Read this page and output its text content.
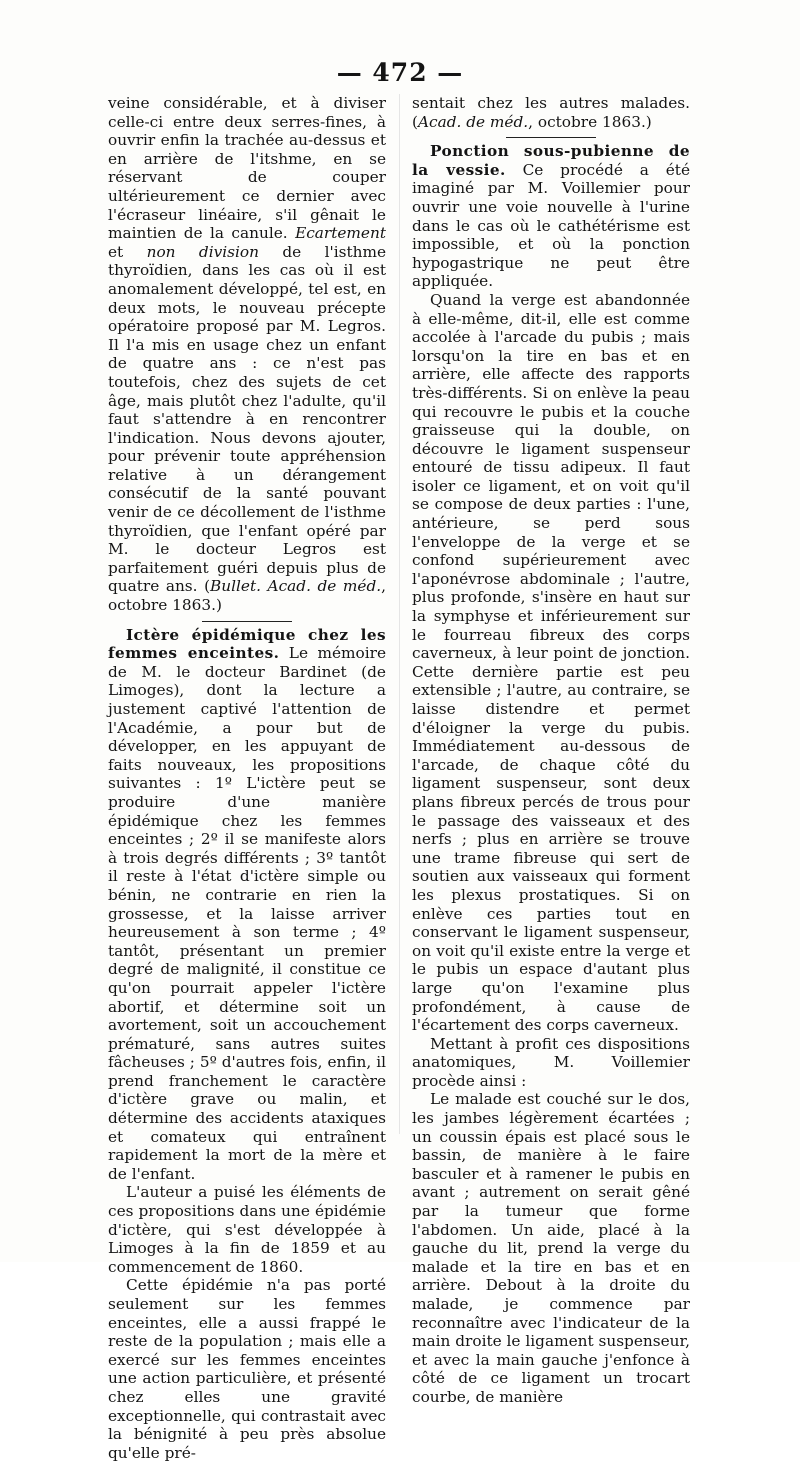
— 472 —

veine considérable, et à diviser celle-ci entre deux serres-fines, à ouvrir enfin la trachée au-dessus et en arrière de l'itshme, en se réservant de couper ultérieurement ce dernier avec l'écraseur linéaire, s'il gênait le maintien de la canule. Ecartement et non division de l'isthme thyroïdien, dans les cas où il est anomalement développé, tel est, en deux mots, le nouveau précepte opératoire proposé par M. Legros. Il l'a mis en usage chez un enfant de quatre ans : ce n'est pas toutefois, chez des sujets de cet âge, mais plutôt chez l'adulte, qu'il faut s'attendre à en rencontrer l'indication. Nous devons ajouter, pour prévenir toute appréhension relative à un dérangement consécutif de la santé pouvant venir de ce décollement de l'isthme thyroïdien, que l'enfant opéré par M. le docteur Legros est parfaitement guéri depuis plus de quatre ans. (Bullet. Acad. de méd., octobre 1863.)

Ictère épidémique chez les femmes enceintes. Le mémoire de M. le docteur Bardinet (de Limoges), dont la lecture a justement captivé l'attention de l'Académie, a pour but de développer, en les appuyant de faits nouveaux, les propositions suivantes : 1º L'ictère peut se produire d'une manière épidémique chez les femmes enceintes ; 2º il se manifeste alors à trois degrés différents ; 3º tantôt il reste à l'état d'ictère simple ou bénin, ne contrarie en rien la grossesse, et la laisse arriver heureusement à son terme ; 4º tantôt, présentant un premier degré de malignité, il constitue ce qu'on pourrait appeler l'ictère abortif, et détermine soit un avortement, soit un accouchement prématuré, sans autres suites fâcheuses ; 5º d'autres fois, enfin, il prend franchement le caractère d'ictère grave ou malin, et détermine des accidents ataxiques et comateux qui entraînent rapidement la mort de la mère et de l'enfant.

L'auteur a puisé les éléments de ces propositions dans une épidémie d'ictère, qui s'est développée à Limoges à la fin de 1859 et au commencement de 1860.

Cette épidémie n'a pas porté seulement sur les femmes enceintes, elle a aussi frappé le reste de la population ; mais elle a exercé sur les femmes enceintes une action particulière, et présenté chez elles une gravité exceptionnelle, qui contrastait avec la bénignité à peu près absolue qu'elle pré-

sentait chez les autres malades. (Acad. de méd., octobre 1863.)

Ponction sous-pubienne de la vessie. Ce procédé a été imaginé par M. Voillemier pour ouvrir une voie nouvelle à l'urine dans le cas où le cathétérisme est impossible, et où la ponction hypogastrique ne peut être appliquée.

Quand la verge est abandonnée à elle-même, dit-il, elle est comme accolée à l'arcade du pubis ; mais lorsqu'on la tire en bas et en arrière, elle affecte des rapports très-différents. Si on enlève la peau qui recouvre le pubis et la couche graisseuse qui la double, on découvre le ligament suspenseur entouré de tissu adipeux. Il faut isoler ce ligament, et on voit qu'il se compose de deux parties : l'une, antérieure, se perd sous l'enveloppe de la verge et se confond supérieurement avec l'aponévrose abdominale ; l'autre, plus profonde, s'insère en haut sur la symphyse et inférieurement sur le fourreau fibreux des corps caverneux, à leur point de jonction. Cette dernière partie est peu extensible ; l'autre, au contraire, se laisse distendre et permet d'éloigner la verge du pubis. Immédiatement au-dessous de l'arcade, de chaque côté du ligament suspenseur, sont deux plans fibreux percés de trous pour le passage des vaisseaux et des nerfs ; plus en arrière se trouve une trame fibreuse qui sert de soutien aux vaisseaux qui forment les plexus prostatiques. Si on enlève ces parties tout en conservant le ligament suspenseur, on voit qu'il existe entre la verge et le pubis un espace d'autant plus large qu'on l'examine plus profondément, à cause de l'écartement des corps caverneux.

Mettant à profit ces dispositions anatomiques, M. Voillemier procède ainsi :

Le malade est couché sur le dos, les jambes légèrement écartées ; un coussin épais est placé sous le bassin, de manière à le faire basculer et à ramener le pubis en avant ; autrement on serait gêné par la tumeur que forme l'abdomen. Un aide, placé à la gauche du lit, prend la verge du malade et la tire en bas et en arrière. Debout à la droite du malade, je commence par reconnaître avec l'indicateur de la main droite le ligament suspenseur, et avec la main gauche j'enfonce à côté de ce ligament un trocart courbe, de manière
